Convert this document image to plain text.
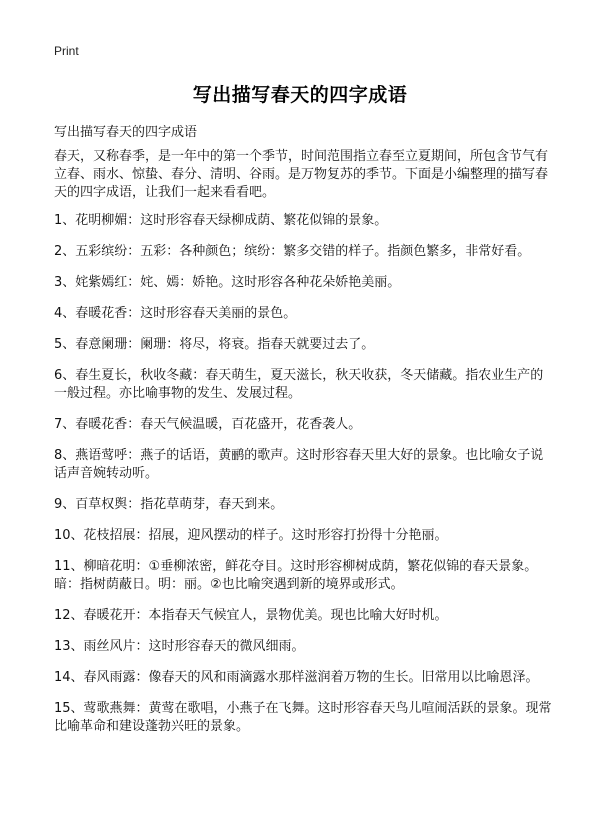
Print
写出描写春天的四字成语
写出描写春天的四字成语
春天，又称春季，是一年中的第一个季节，时间范围指立春至立夏期间，所包含节气有立春、雨水、惊蛰、春分、清明、谷雨。是万物复苏的季节。下面是小编整理的描写春天的四字成语，让我们一起来看看吧。
1、花明柳媚：这时形容春天绿柳成荫、繁花似锦的景象。
2、五彩缤纷：五彩：各种颜色；缤纷：繁多交错的样子。指颜色繁多，非常好看。
3、姹紫嫣红：姹、嫣：娇艳。这时形容各种花朵娇艳美丽。
4、春暖花香：这时形容春天美丽的景色。
5、春意阑珊：阑珊：将尽，将衰。指春天就要过去了。
6、春生夏长，秋收冬藏：春天萌生，夏天滋长，秋天收获，冬天储藏。指农业生产的一般过程。亦比喻事物的发生、发展过程。
7、春暖花香：春天气候温暖，百花盛开，花香袭人。
8、燕语莺呼：燕子的话语，黄鹂的歌声。这时形容春天里大好的景象。也比喻女子说话声音婉转动听。
9、百草权舆：指花草萌芽，春天到来。
10、花枝招展：招展，迎风摆动的样子。这时形容打扮得十分艳丽。
11、柳暗花明：①垂柳浓密，鲜花夺目。这时形容柳树成荫，繁花似锦的春天景象。暗：指树荫蔽日。明：丽。②也比喻突遇到新的境界或形式。
12、春暖花开：本指春天气候宜人，景物优美。现也比喻大好时机。
13、雨丝风片：这时形容春天的微风细雨。
14、春风雨露：像春天的风和雨滴露水那样滋润着万物的生长。旧常用以比喻恩泽。
15、莺歌燕舞：黄莺在歌唱，小燕子在飞舞。这时形容春天鸟儿喧闹活跃的景象。现常比喻革命和建设蓬勃兴旺的景象。
